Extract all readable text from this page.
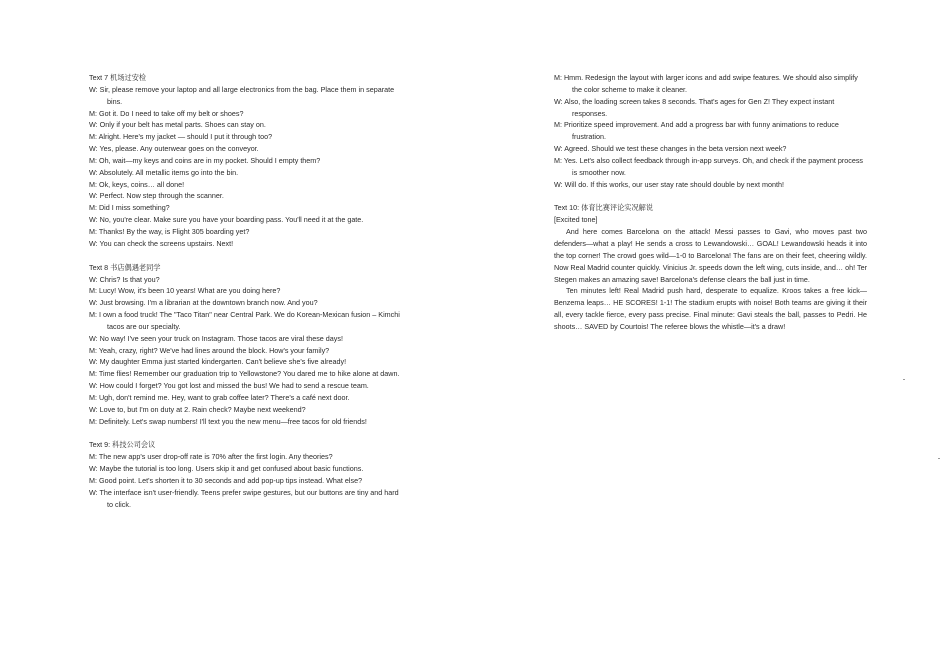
Text 7 机场过安检
W: Sir, please remove your laptop and all large electronics from the bag. Place them in separate bins.
M: Got it. Do I need to take off my belt or shoes?
W: Only if your belt has metal parts. Shoes can stay on.
M: Alright. Here's my jacket — should I put it through too?
W: Yes, please. Any outerwear goes on the conveyor.
M: Oh, wait—my keys and coins are in my pocket. Should I empty them?
W: Absolutely. All metallic items go into the bin.
M: Ok, keys, coins… all done!
W: Perfect. Now step through the scanner.
M: Did I miss something?
W: No, you're clear. Make sure you have your boarding pass. You'll need it at the gate.
M: Thanks! By the way, is Flight 305 boarding yet?
W: You can check the screens upstairs. Next!
Text 8 书店偶遇老同学
W: Chris? Is that you?
M: Lucy! Wow, it's been 10 years! What are you doing here?
W: Just browsing. I'm a librarian at the downtown branch now. And you?
M: I own a food truck! The "Taco Titan" near Central Park. We do Korean-Mexican fusion – Kimchi tacos are our specialty.
W: No way! I've seen your truck on Instagram. Those tacos are viral these days!
M: Yeah, crazy, right? We've had lines around the block. How's your family?
W: My daughter Emma just started kindergarten. Can't believe she's five already!
M: Time flies! Remember our graduation trip to Yellowstone? You dared me to hike alone at dawn.
W: How could I forget? You got lost and missed the bus! We had to send a rescue team.
M: Ugh, don't remind me. Hey, want to grab coffee later? There's a café next door.
W: Love to, but I'm on duty at 2. Rain check? Maybe next weekend?
M: Definitely. Let's swap numbers! I'll text you the new menu—free tacos for old friends!
Text 9: 科技公司会议
M: The new app's user drop-off rate is 70% after the first login. Any theories?
W: Maybe the tutorial is too long. Users skip it and get confused about basic functions.
M: Good point. Let's shorten it to 30 seconds and add pop-up tips instead. What else?
W: The interface isn't user-friendly. Teens prefer swipe gestures, but our buttons are tiny and hard to click.
M: Hmm. Redesign the layout with larger icons and add swipe features. We should also simplify the color scheme to make it cleaner.
W: Also, the loading screen takes 8 seconds. That's ages for Gen Z! They expect instant responses.
M: Prioritize speed improvement. And add a progress bar with funny animations to reduce frustration.
W: Agreed. Should we test these changes in the beta version next week?
M: Yes. Let's also collect feedback through in-app surveys. Oh, and check if the payment process is smoother now.
W: Will do. If this works, our user stay rate should double by next month!
Text 10: 体育比赛评论实况解说
[Excited tone]
And here comes Barcelona on the attack! Messi passes to Gavi, who moves past two defenders—what a play! He sends a cross to Lewandowski… GOAL! Lewandowski heads it into the top corner! The crowd goes wild—1-0 to Barcelona! The fans are on their feet, cheering wildly. Now Real Madrid counter quickly. Vinicius Jr. speeds down the left wing, cuts inside, and… oh! Ter Stegen makes an amazing save! Barcelona's defense clears the ball just in time.
Ten minutes left! Real Madrid push hard, desperate to equalize. Kroos takes a free kick—Benzema leaps… HE SCORES! 1-1! The stadium erupts with noise! Both teams are giving it their all, every tackle fierce, every pass precise. Final minute: Gavi steals the ball, passes to Pedri. He shoots… SAVED by Courtois! The referee blows the whistle—it's a draw!
